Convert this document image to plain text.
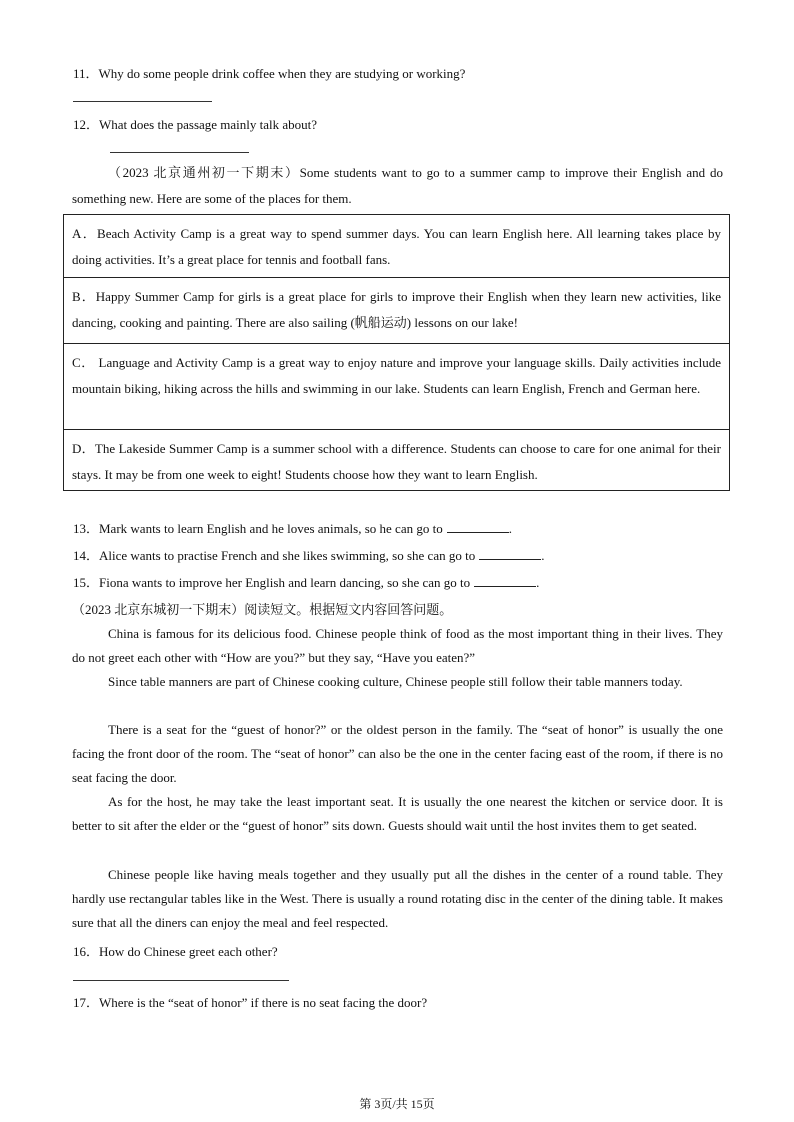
11．Why do some people drink coffee when they are studying or working?
12．What does the passage mainly talk about?
（2023 北京通州初一下期末）Some students want to go to a summer camp to improve their English and do something new. Here are some of the places for them.
A．Beach Activity Camp is a great way to spend summer days. You can learn English here. All learning takes place by doing activities. It’s a great place for tennis and football fans.
B．Happy Summer Camp for girls is a great place for girls to improve their English when they learn new activities, like dancing, cooking and painting. There are also sailing (帆船运动) lessons on our lake!
C． Language and Activity Camp is a great way to enjoy nature and improve your language skills. Daily activities include mountain biking, hiking across the hills and swimming in our lake. Students can learn English, French and German here.
D．The Lakeside Summer Camp is a summer school with a difference. Students can choose to care for one animal for their stays. It may be from one week to eight! Students choose how they want to learn English.
13．Mark wants to learn English and he loves animals, so he can go to	.
14．Alice wants to practise French and she likes swimming, so she can go to	.
15．Fiona wants to improve her English and learn dancing, so she can go to	.
（2023 北京东城初一下期末）阅读短文。根据短文内容回答问题。
China is famous for its delicious food. Chinese people think of food as the most important thing in their lives. They do not greet each other with “How are you?” but they say, “Have you eaten?”
Since table manners are part of Chinese cooking culture, Chinese people still follow their table manners today.
There is a seat for the “guest of honor?” or the oldest person in the family. The “seat of honor” is usually the one facing the front door of the room. The “seat of honor” can also be the one in the center facing east of the room, if there is no seat facing the door.
As for the host, he may take the least important seat. It is usually the one nearest the kitchen or service door. It is better to sit after the elder or the “guest of honor” sits down. Guests should wait until the host invites them to get seated.
Chinese people like having meals together and they usually put all the dishes in the center of a round table. They hardly use rectangular tables like in the West. There is usually a round rotating disc in the center of the dining table. It makes sure that all the diners can enjoy the meal and feel respected.
16．How do Chinese greet each other?
17．Where is the “seat of honor” if there is no seat facing the door?
第 3页/共 15页
